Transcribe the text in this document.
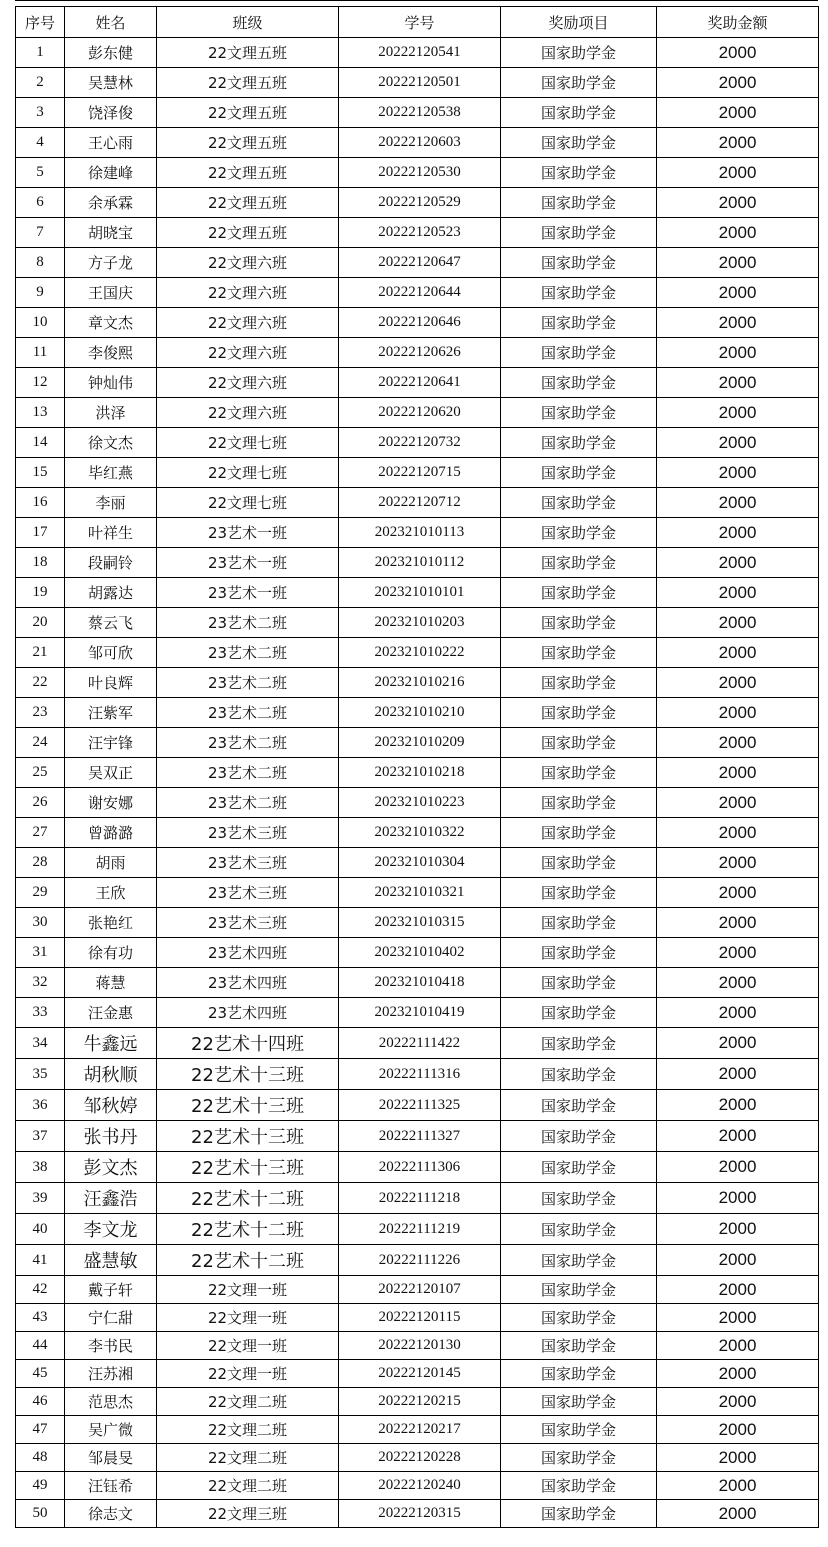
序号	姓名	班级	学号	奖励项目	奖助金额
1	彭东健	22文理五班	20222120541	国家助学金	2000
2	吴慧林	22文理五班	20222120501	国家助学金	2000
3	饶泽俊	22文理五班	20222120538	国家助学金	2000
4	王心雨	22文理五班	20222120603	国家助学金	2000
5	徐建峰	22文理五班	20222120530	国家助学金	2000
6	余承霖	22文理五班	20222120529	国家助学金	2000
7	胡晓宝	22文理五班	20222120523	国家助学金	2000
8	方子龙	22文理六班	20222120647	国家助学金	2000
9	王国庆	22文理六班	20222120644	国家助学金	2000
10	章文杰	22文理六班	20222120646	国家助学金	2000
11	李俊熙	22文理六班	20222120626	国家助学金	2000
12	钟灿伟	22文理六班	20222120641	国家助学金	2000
13	洪泽	22文理六班	20222120620	国家助学金	2000
14	徐文杰	22文理七班	20222120732	国家助学金	2000
15	毕红燕	22文理七班	20222120715	国家助学金	2000
16	李丽	22文理七班	20222120712	国家助学金	2000
17	叶祥生	23艺术一班	202321010113	国家助学金	2000
18	段嗣铃	23艺术一班	202321010112	国家助学金	2000
19	胡露达	23艺术一班	202321010101	国家助学金	2000
20	蔡云飞	23艺术二班	202321010203	国家助学金	2000
21	邹可欣	23艺术二班	202321010222	国家助学金	2000
22	叶良辉	23艺术二班	202321010216	国家助学金	2000
23	汪紫军	23艺术二班	202321010210	国家助学金	2000
24	汪宇锋	23艺术二班	202321010209	国家助学金	2000
25	吴双正	23艺术二班	202321010218	国家助学金	2000
26	谢安娜	23艺术二班	202321010223	国家助学金	2000
27	曾潞潞	23艺术三班	202321010322	国家助学金	2000
28	胡雨	23艺术三班	202321010304	国家助学金	2000
29	王欣	23艺术三班	202321010321	国家助学金	2000
30	张艳红	23艺术三班	202321010315	国家助学金	2000
31	徐有功	23艺术四班	202321010402	国家助学金	2000
32	蒋慧	23艺术四班	202321010418	国家助学金	2000
33	汪金惠	23艺术四班	202321010419	国家助学金	2000
34	牛鑫远	22艺术十四班	20222111422	国家助学金	2000
35	胡秋顺	22艺术十三班	20222111316	国家助学金	2000
36	邹秋婷	22艺术十三班	20222111325	国家助学金	2000
37	张书丹	22艺术十三班	20222111327	国家助学金	2000
38	彭文杰	22艺术十三班	20222111306	国家助学金	2000
39	汪鑫浩	22艺术十二班	20222111218	国家助学金	2000
40	李文龙	22艺术十二班	20222111219	国家助学金	2000
41	盛慧敏	22艺术十二班	20222111226	国家助学金	2000
42	戴子轩	22文理一班	20222120107	国家助学金	2000
43	宁仁甜	22文理一班	20222120115	国家助学金	2000
44	李书民	22文理一班	20222120130	国家助学金	2000
45	汪苏湘	22文理一班	20222120145	国家助学金	2000
46	范思杰	22文理二班	20222120215	国家助学金	2000
47	吴广微	22文理二班	20222120217	国家助学金	2000
48	邹晨旻	22文理二班	20222120228	国家助学金	2000
49	汪钰希	22文理二班	20222120240	国家助学金	2000
50	徐志文	22文理三班	20222120315	国家助学金	2000
